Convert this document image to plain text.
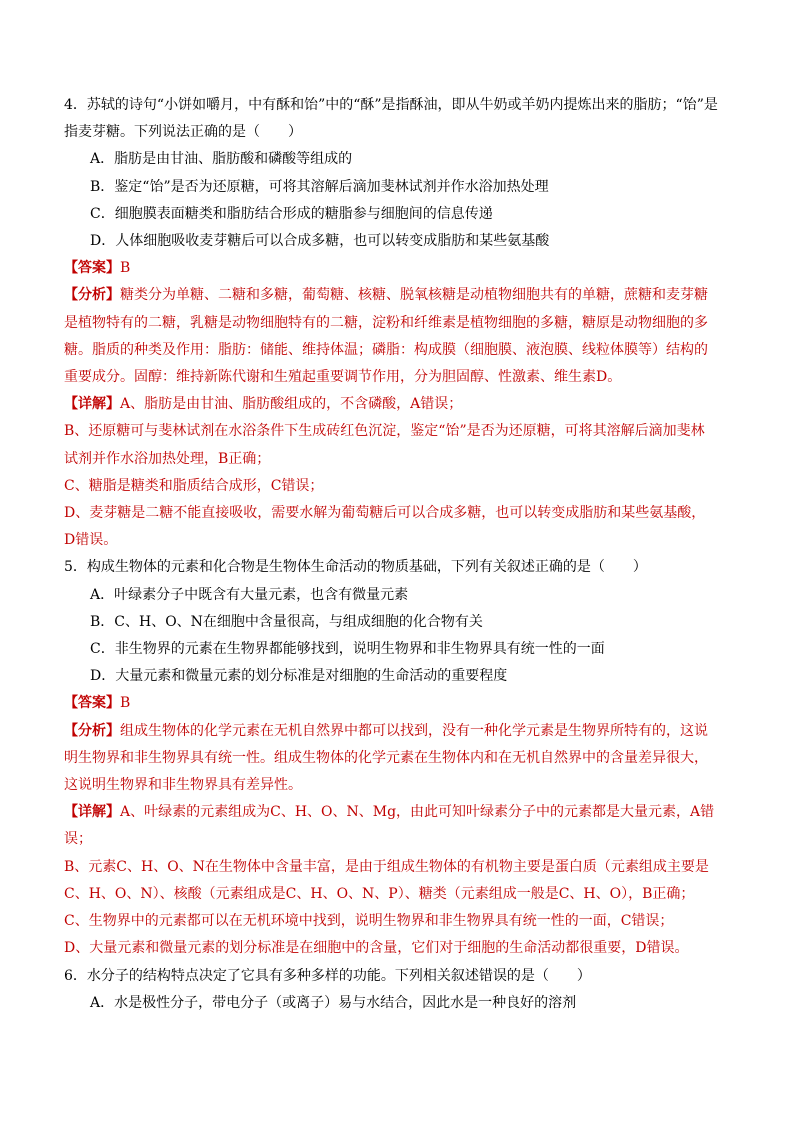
4．苏轼的诗句“小饼如嚼月，中有酥和饴”中的“酥”是指酥油，即从牛奶或羊奶内提炼出来的脂肪；“饴”是

指麦芽糖。下列说法正确的是（　　）

A．脂肪是由甘油、脂肪酸和磷酸等组成的

B．鉴定“饴”是否为还原糖，可将其溶解后滴加斐林试剂并作水浴加热处理

C．细胞膜表面糖类和脂肪结合形成的糖脂参与细胞间的信息传递

D．人体细胞吸收麦芽糖后可以合成多糖，也可以转变成脂肪和某些氨基酸

【答案】B

【分析】糖类分为单糖、二糖和多糖，葡萄糖、核糖、脱氧核糖是动植物细胞共有的单糖，蔗糖和麦芽糖

是植物特有的二糖，乳糖是动物细胞特有的二糖，淀粉和纤维素是植物细胞的多糖，糖原是动物细胞的多

糖。脂质的种类及作用：脂肪：储能、维持体温；磷脂：构成膜（细胞膜、液泡膜、线粒体膜等）结构的

重要成分。固醇：维持新陈代谢和生殖起重要调节作用，分为胆固醇、性激素、维生素D。

【详解】A、脂肪是由甘油、脂肪酸组成的，不含磷酸，A错误；

B、还原糖可与斐林试剂在水浴条件下生成砖红色沉淀，鉴定“饴”是否为还原糖，可将其溶解后滴加斐林

试剂并作水浴加热处理，B正确；

C、糖脂是糖类和脂质结合成形，C错误；

D、麦芽糖是二糖不能直接吸收，需要水解为葡萄糖后可以合成多糖，也可以转变成脂肪和某些氨基酸，

D错误。

5．构成生物体的元素和化合物是生物体生命活动的物质基础，下列有关叙述正确的是（　　）

A．叶绿素分子中既含有大量元素，也含有微量元素

B．C、H、O、N在细胞中含量很高，与组成细胞的化合物有关

C．非生物界的元素在生物界都能够找到，说明生物界和非生物界具有统一性的一面

D．大量元素和微量元素的划分标准是对细胞的生命活动的重要程度

【答案】B

【分析】组成生物体的化学元素在无机自然界中都可以找到，没有一种化学元素是生物界所特有的，这说

明生物界和非生物界具有统一性。组成生物体的化学元素在生物体内和在无机自然界中的含量差异很大，

这说明生物界和非生物界具有差异性。

【详解】A、叶绿素的元素组成为C、H、O、N、Mg，由此可知叶绿素分子中的元素都是大量元素，A错

误；

B、元素C、H、O、N在生物体中含量丰富，是由于组成生物体的有机物主要是蛋白质（元素组成主要是

C、H、O、N）、核酸（元素组成是C、H、O、N、P）、糖类（元素组成一般是C、H、O），B正确；

C、生物界中的元素都可以在无机环境中找到，说明生物界和非生物界具有统一性的一面，C错误；

D、大量元素和微量元素的划分标准是在细胞中的含量，它们对于细胞的生命活动都很重要，D错误。

6．水分子的结构特点决定了它具有多种多样的功能。下列相关叙述错误的是（　　）

A．水是极性分子，带电分子（或离子）易与水结合，因此水是一种良好的溶剂
